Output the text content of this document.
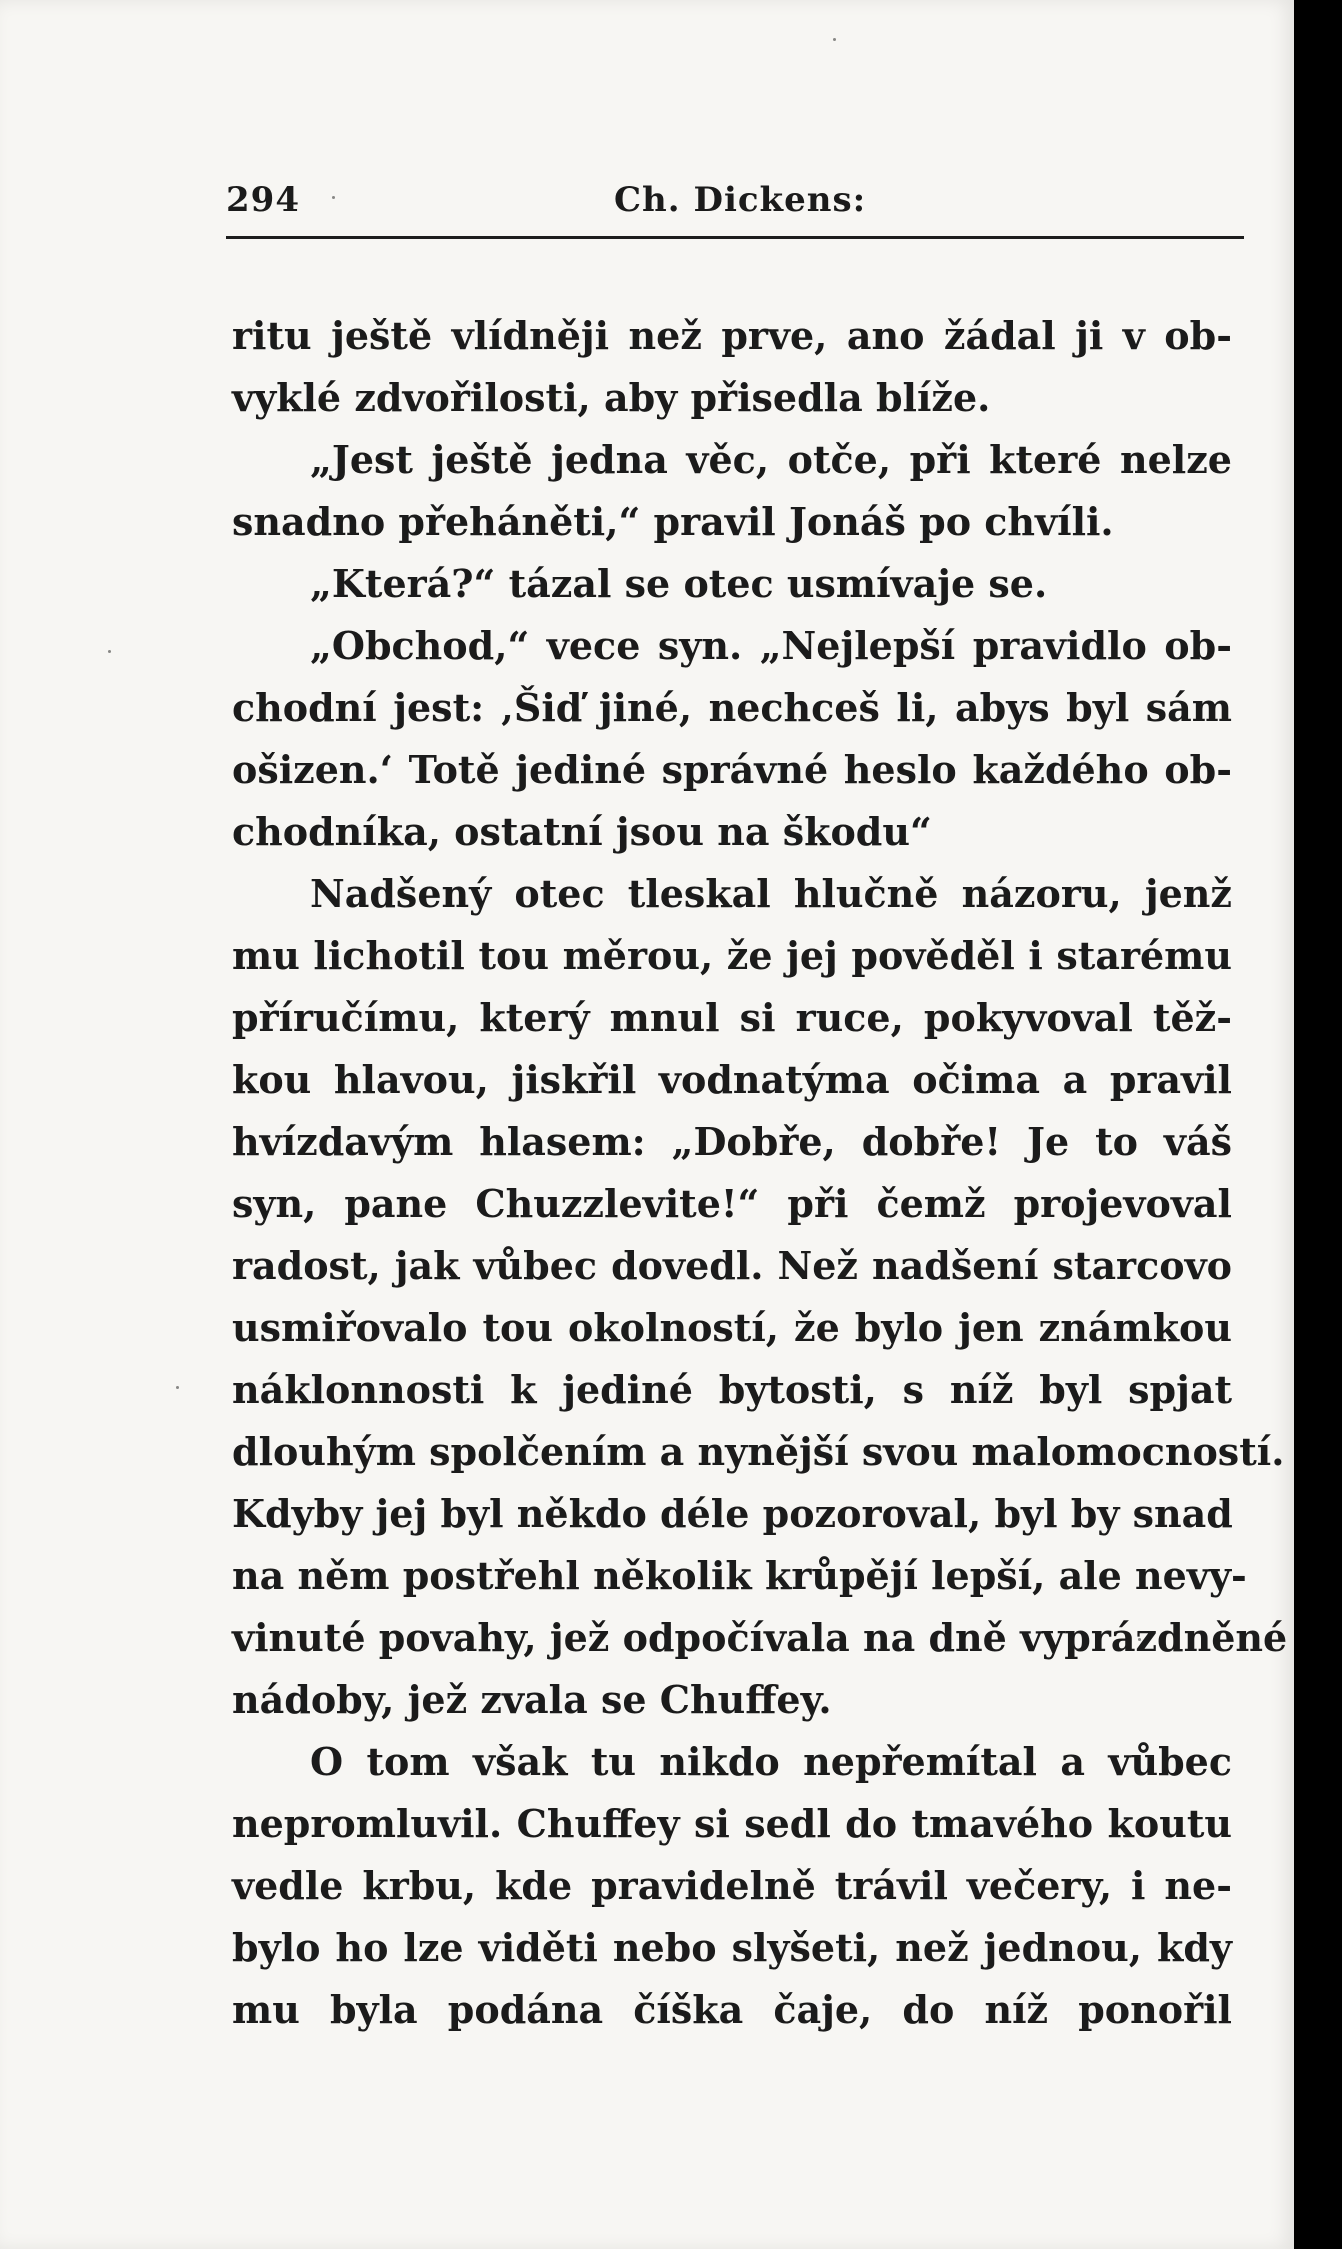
294	Ch. Dickens:
ritu ještě vlídněji než prve, ano žádal ji v ob-
vyklé zdvořilosti, aby přisedla blíže.
„Jest ještě jedna věc, otče, při které nelze
snadno přeháněti,“ pravil Jonáš po chvíli.
„Která?“ tázal se otec usmívaje se.
„Obchod,“ vece syn. „Nejlepší pravidlo ob-
chodní jest: ‚Šiď jiné, nechceš li, abys byl sám
ošizen.‘ Totě jediné správné heslo každého ob-
chodníka, ostatní jsou na škodu“
Nadšený otec tleskal hlučně názoru, jenž
mu lichotil tou měrou, že jej pověděl i starému
příručímu, který mnul si ruce, pokyvoval těž-
kou hlavou, jiskřil vodnatýma očima a pravil
hvízdavým hlasem: „Dobře, dobře! Je to váš
syn, pane Chuzzlevite!“ při čemž projevoval
radost, jak vůbec dovedl. Než nadšení starcovo
usmiřovalo tou okolností, že bylo jen známkou
náklonnosti k jediné bytosti, s níž byl spjat
dlouhým spolčením a nynější svou malomocností.
Kdyby jej byl někdo déle pozoroval, byl by snad
na něm postřehl několik krůpějí lepší, ale nevy-
vinuté povahy, jež odpočívala na dně vyprázdněné
nádoby, jež zvala se Chuffey.
O tom však tu nikdo nepřemítal a vůbec
nepromluvil. Chuffey si sedl do tmavého koutu
vedle krbu, kde pravidelně trávil večery, i ne-
bylo ho lze viděti nebo slyšeti, než jednou, kdy
mu byla podána číška čaje, do níž ponořil
